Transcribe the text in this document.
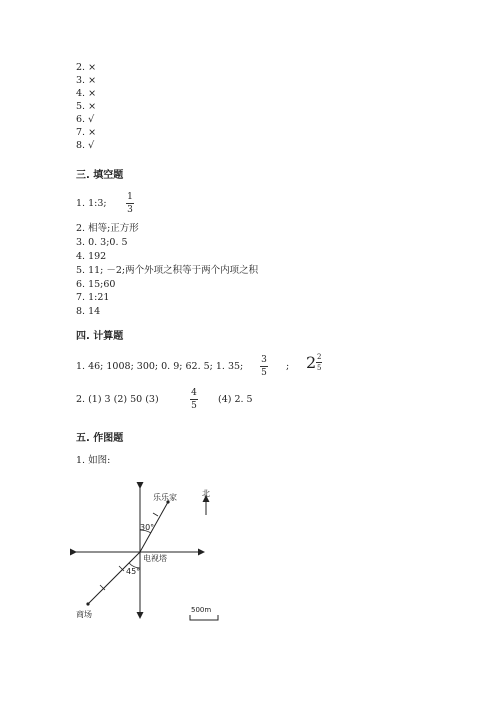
2. ×
3. ×
4. ×
5. ×
6. √
7. ×
8. √
三. 填空题
1. 1:3;
1
3
2. 相等;正方形
3. 0. 3;0. 5
4. 192
5. 11; －2;两个外项之积等于两个内项之积
6. 15;60
7. 1:21
8. 14
四. 计算题
1. 46; 1008; 300; 0. 9; 62. 5; 1. 35;
3
5
; $2 \frac{2}{5}$
2. (1) 3 (2) 50 (3)
4
5
(4) 2. 5
五. 作图题
1. 如图:
乐乐家	北
电视塔
商场
30°
45°
500m
